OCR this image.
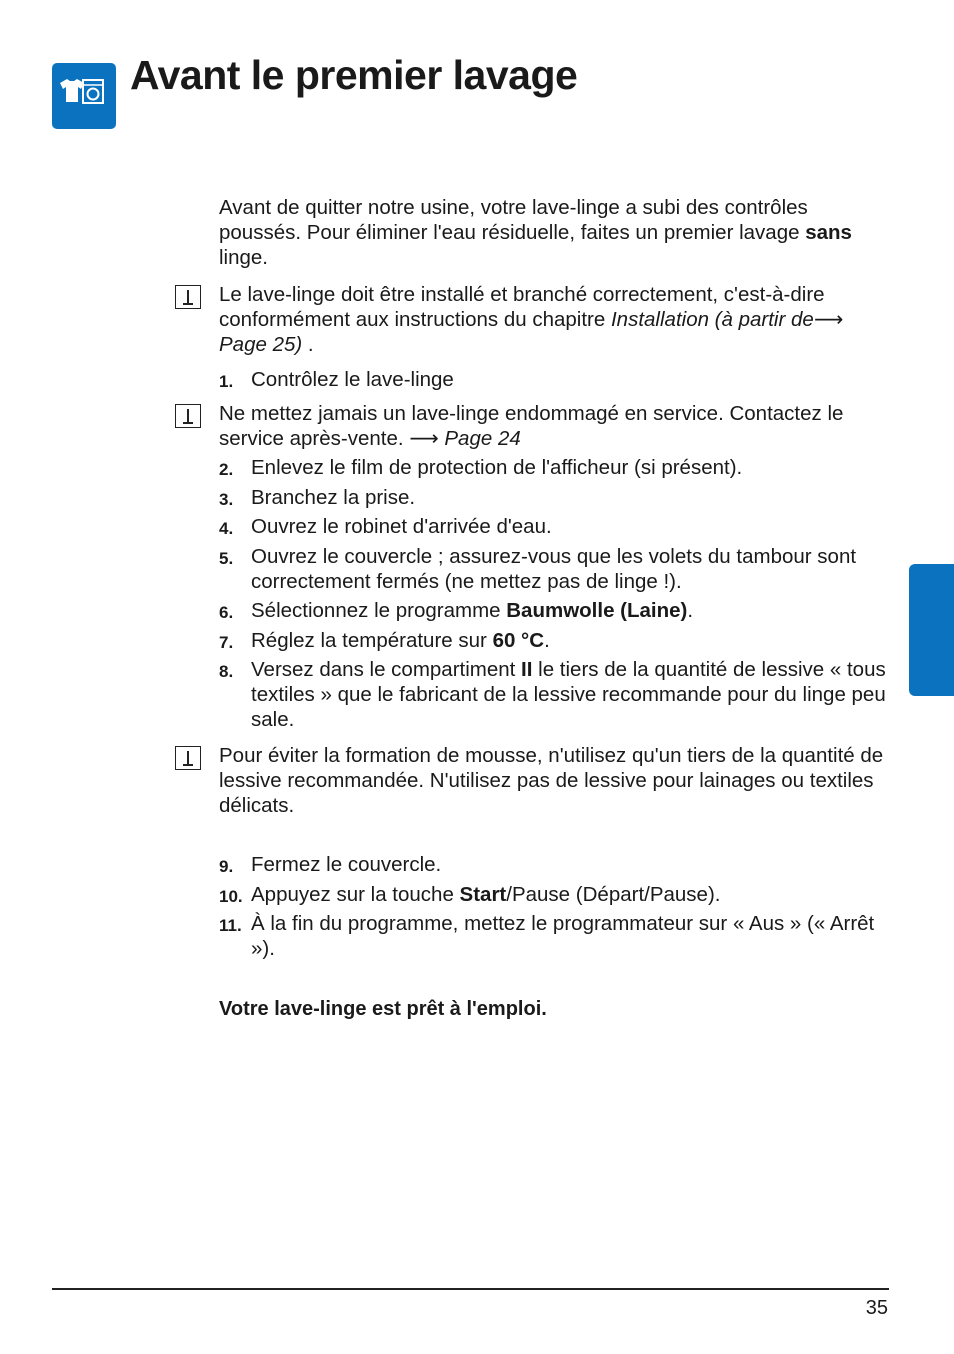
Avant le premier lavage

Avant de quitter notre usine, votre lave-linge a subi des contrôles poussés. Pour éliminer l'eau résiduelle, faites un premier lavage sans linge.

Le lave-linge doit être installé et branché correctement, c'est-à-dire conformément aux instructions du chapitre Installation (à partir de⟶ Page 25) .
1. Contrôlez le lave-linge
Ne mettez jamais un lave-linge endommagé en service. Contactez le service après-vente. ⟶ Page 24
2. Enlevez le film de protection de l'afficheur (si présent).
3. Branchez la prise.
4. Ouvrez le robinet d'arrivée d'eau.
5. Ouvrez le couvercle ; assurez-vous que les volets du tambour sont correctement fermés (ne mettez pas de linge !).
6. Sélectionnez le programme Baumwolle (Laine).
7. Réglez la température sur 60 °C.
8. Versez dans le compartiment II le tiers de la quantité de lessive « tous textiles » que le fabricant de la lessive recommande pour du linge peu sale.
Pour éviter la formation de mousse, n'utilisez qu'un tiers de la quantité de lessive recommandée. N'utilisez pas de lessive pour lainages ou textiles délicats.
9. Fermez le couvercle.
10. Appuyez sur la touche Start/Pause (Départ/Pause).
11. À la fin du programme, mettez le programmateur sur « Aus » (« Arrêt »).

Votre lave-linge est prêt à l'emploi.

35
